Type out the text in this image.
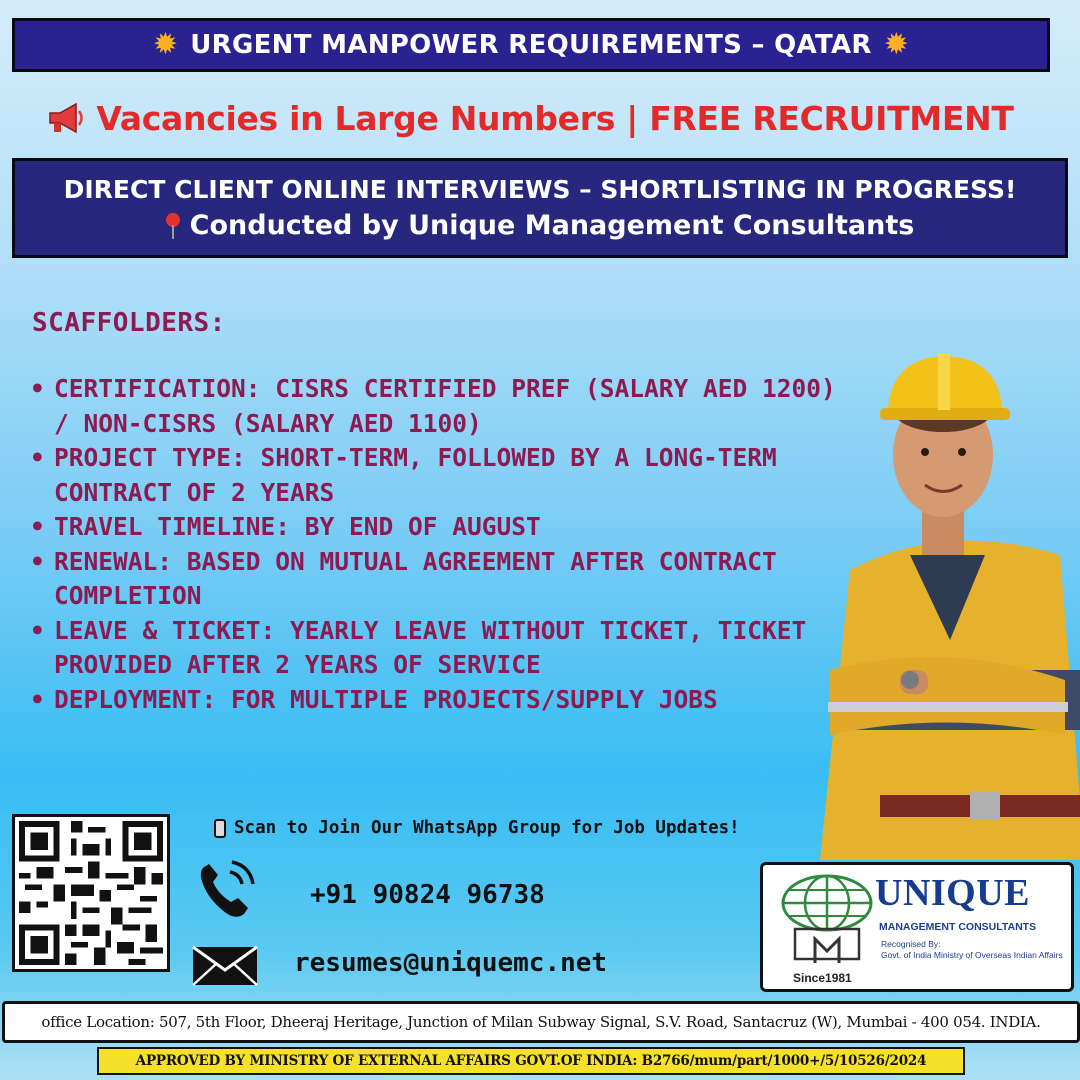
✹ URGENT MANPOWER REQUIREMENTS – QATAR ✹
Vacancies in Large Numbers | FREE RECRUITMENT
DIRECT CLIENT ONLINE INTERVIEWS – SHORTLISTING IN PROGRESS!
Conducted by Unique Management Consultants
SCAFFOLDERS:
• CERTIFICATION: CISRS CERTIFIED PREF (SALARY AED 1200) / NON-CISRS (SALARY AED 1100)
• PROJECT TYPE: SHORT-TERM, FOLLOWED BY A LONG-TERM CONTRACT OF 2 YEARS
• TRAVEL TIMELINE: BY END OF AUGUST
• RENEWAL: BASED ON MUTUAL AGREEMENT AFTER CONTRACT COMPLETION
• LEAVE & TICKET: YEARLY LEAVE WITHOUT TICKET, TICKET PROVIDED AFTER 2 YEARS OF SERVICE
• DEPLOYMENT: FOR MULTIPLE PROJECTS/SUPPLY JOBS
Scan to Join Our WhatsApp Group for Job Updates!
+91 90824 96738
resumes@uniquemc.net
UNIQUE
MANAGEMENT CONSULTANTS
Recognised By:
Govt. of India Ministry of Overseas Indian Affairs
Since1981
office Location: 507, 5th Floor, Dheeraj Heritage, Junction of Milan Subway Signal, S.V. Road, Santacruz (W), Mumbai - 400 054. INDIA.
APPROVED BY MINISTRY OF EXTERNAL AFFAIRS GOVT.OF INDIA: B2766/mum/part/1000+/5/10526/2024
